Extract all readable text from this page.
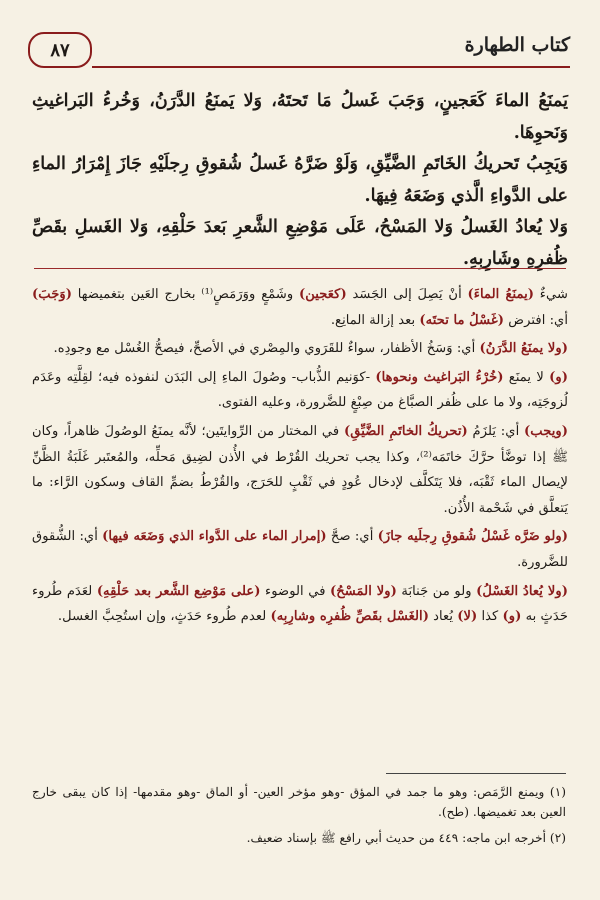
٨٧	كتاب الطهارة

يَمنَعُ الماءَ كَعَجينٍ، وَجَبَ غَسلُ مَا تَحتَهُ، وَلا يَمنَعُ الدَّرَنُ، وَخُرءُ البَراغيثِ وَنَحوِهَا.

وَيَجِبُ تَحريكُ الخَاتَمِ الضَّيِّقِ، وَلَوْ ضَرَّهُ غَسلُ شُقوقِ رِجلَيْهِ جَازَ إِمْرَارُ الماءِ على الدَّواءِ الَّذي وَضَعَهُ فِيهَا.

وَلا يُعادُ الغَسلُ وَلا المَسْحُ، عَلَى مَوْضِعِ الشَّعرِ بَعدَ حَلْقِهِ، وَلا الغَسلِ بقَصِّ ظُفرِهِ وشَارِبِهِ.

شيءٌ (يمنَعُ الماءَ) أنْ يَصِلَ إلى الجَسَد (كعَجين) وشَمْعٍ ووَرَمَصٍ⁽¹⁾ بخارج العَين بتغميضها (وَجَبَ) أي: افترض (غَسْلُ ما تحتَه) بعد إزالة المانِع.

(ولا يمنَعُ الدَّرَنُ) أي: وَسَخُ الأظفار، سواءٌ للقَرَوي والمِصْري في الأصحِّ، فيصحُّ الغُسْل مع وجودِه.

(و) لا يمنَع (خُرْءُ البَراغيث ونحوها) -كوَنيم الذُّباب- وصُولَ الماءِ إلى البَدَن لنفوذه فيه؛ لقِلَّتِه وعَدَم لُزوجَتِه، ولا ما على ظُفر الصبَّاغ من صِبْغٍ للضَّرورة، وعليه الفتوى.

(ويجب) أي: يَلزَمُ (تحريكُ الخاتَمِ الضَّيِّقِ) في المختار من الرِّوايتَين؛ لأنَّه يمنَعُ الوصُولَ ظاهراً، وكان ﷺ إذا توضَّأ حرَّكَ خاتَمَه⁽²⁾، وكذا يجب تحريك القُرْط في الأُذن لضِيق مَحلِّه، والمُعتَبر غَلَبَةُ الظَّنِّ لإيصال الماء ثَقْبَه، فلا يَتَكلَّف لإدخال عُودٍ في ثَقْبٍ للحَرَج، والقُرْطُ بضمِّ القاف وسكون الرَّاء: ما يَتعلَّق في شَحْمة الأُذُن.

(ولو ضَرَّه غَسْلُ شُقوقِ رِجلَيه جازَ) أي: صحَّ (إمرار الماء على الدَّواء الذي وَضَعَه فيها) أي: الشُّقوق للضَّرورة.

(ولا يُعادُ الغَسْلُ) ولو من جَنابَة (ولا المَسْحُ) في الوضوء (على مَوْضِع الشَّعر بعد حَلْقِهِ) لعَدَم طُروء حَدَثٍ به (و) كذا (لا) يُعاد (الغَسْل بقَصِّ ظُفرِه وشارِبِه) لعدم طُروء حَدَثٍ، وإن استُحِبَّ الغسل.

(١) ويمنع الرَّمَص: وهو ما جمد في المؤق -وهو مؤخر العين- أو الماق -وهو مقدمها- إذا كان يبقى خارج العين بعد تغميضها. (طح).

(٢) أخرجه ابن ماجه: ٤٤٩ من حديث أبي رافع ﷺ بإسناد ضعيف.
